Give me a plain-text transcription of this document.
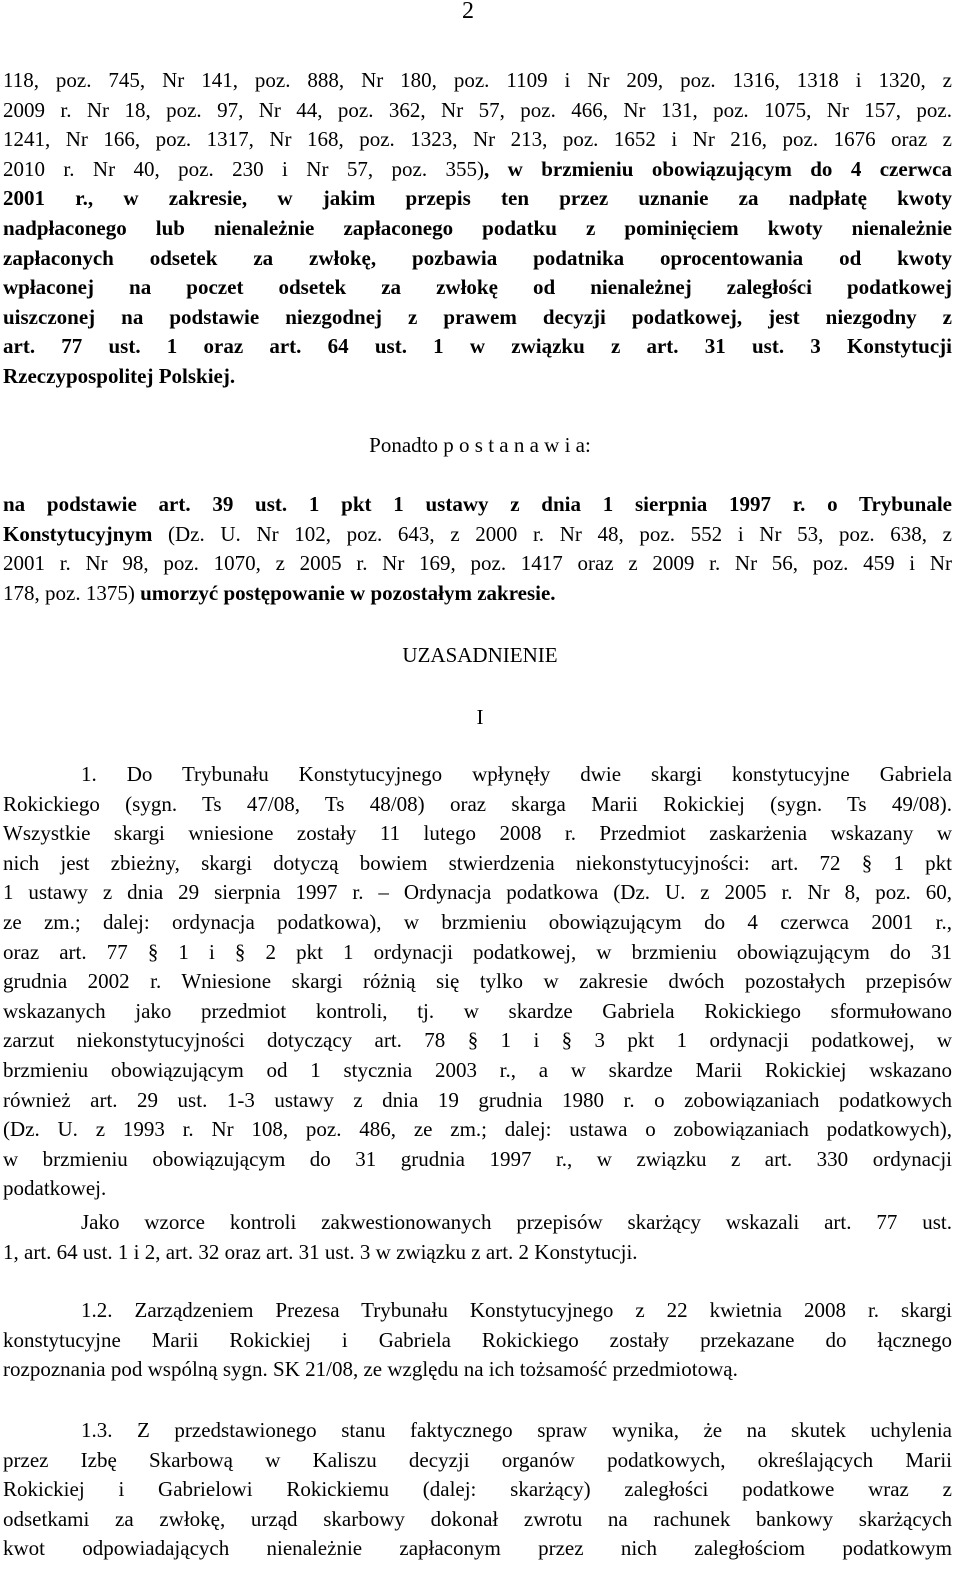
2
118, poz. 745, Nr 141, poz. 888, Nr 180, poz. 1109 i Nr 209, poz. 1316, 1318 i 1320, z
2009 r. Nr 18, poz. 97, Nr 44, poz. 362, Nr 57, poz. 466, Nr 131, poz. 1075, Nr 157, poz.
1241, Nr 166, poz. 1317, Nr 168, poz. 1323, Nr 213, poz. 1652 i Nr 216, poz. 1676 oraz z
2010 r. Nr 40, poz. 230 i Nr 57, poz. 355), w brzmieniu obowiązującym do 4 czerwca
2001 r., w zakresie, w jakim przepis ten przez uznanie za nadpłatę kwoty
nadpłaconego lub nienależnie zapłaconego podatku z pominięciem kwoty nienależnie
zapłaconych odsetek za zwłokę, pozbawia podatnika oprocentowania od kwoty
wpłaconej na poczet odsetek za zwłokę od nienależnej zaległości podatkowej
uiszczonej na podstawie niezgodnej z prawem decyzji podatkowej, jest niezgodny z
art. 77 ust. 1 oraz art. 64 ust. 1 w związku z art. 31 ust. 3 Konstytucji
Rzeczypospolitej Polskiej.
Ponadto p o s t a n a w i a:
na podstawie art. 39 ust. 1 pkt 1 ustawy z dnia 1 sierpnia 1997 r. o Trybunale
Konstytucyjnym (Dz. U. Nr 102, poz. 643, z 2000 r. Nr 48, poz. 552 i Nr 53, poz. 638, z
2001 r. Nr 98, poz. 1070, z 2005 r. Nr 169, poz. 1417 oraz z 2009 r. Nr 56, poz. 459 i Nr
178, poz. 1375) umorzyć postępowanie w pozostałym zakresie.
UZASADNIENIE
I
1. Do Trybunału Konstytucyjnego wpłynęły dwie skargi konstytucyjne Gabriela
Rokickiego (sygn. Ts 47/08, Ts 48/08) oraz skarga Marii Rokickiej (sygn. Ts 49/08).
Wszystkie skargi wniesione zostały 11 lutego 2008 r. Przedmiot zaskarżenia wskazany w
nich jest zbieżny, skargi dotyczą bowiem stwierdzenia niekonstytucyjności: art. 72 § 1 pkt
1 ustawy z dnia 29 sierpnia 1997 r. – Ordynacja podatkowa (Dz. U. z 2005 r. Nr 8, poz. 60,
ze zm.; dalej: ordynacja podatkowa), w brzmieniu obowiązującym do 4 czerwca 2001 r.,
oraz art. 77 § 1 i § 2 pkt 1 ordynacji podatkowej, w brzmieniu obowiązującym do 31
grudnia 2002 r. Wniesione skargi różnią się tylko w zakresie dwóch pozostałych przepisów
wskazanych jako przedmiot kontroli, tj. w skardze Gabriela Rokickiego sformułowano
zarzut niekonstytucyjności dotyczący art. 78 § 1 i § 3 pkt 1 ordynacji podatkowej, w
brzmieniu obowiązującym od 1 stycznia 2003 r., a w skardze Marii Rokickiej wskazano
również art. 29 ust. 1-3 ustawy z dnia 19 grudnia 1980 r. o zobowiązaniach podatkowych
(Dz. U. z 1993 r. Nr 108, poz. 486, ze zm.; dalej: ustawa o zobowiązaniach podatkowych),
w brzmieniu obowiązującym do 31 grudnia 1997 r., w związku z art. 330 ordynacji
podatkowej.
Jako wzorce kontroli zakwestionowanych przepisów skarżący wskazali art. 77 ust.
1, art. 64 ust. 1 i 2, art. 32 oraz art. 31 ust. 3 w związku z art. 2 Konstytucji.
1.2. Zarządzeniem Prezesa Trybunału Konstytucyjnego z 22 kwietnia 2008 r. skargi
konstytucyjne Marii Rokickiej i Gabriela Rokickiego zostały przekazane do łącznego
rozpoznania pod wspólną sygn. SK 21/08, ze względu na ich tożsamość przedmiotową.
1.3. Z przedstawionego stanu faktycznego spraw wynika, że na skutek uchylenia
przez Izbę Skarbową w Kaliszu decyzji organów podatkowych, określających Marii
Rokickiej i Gabrielowi Rokickiemu (dalej: skarżący) zaległości podatkowe wraz z
odsetkami za zwłokę, urząd skarbowy dokonał zwrotu na rachunek bankowy skarżących
kwot odpowiadających nienależnie zapłaconym przez nich zaległościom podatkowym
